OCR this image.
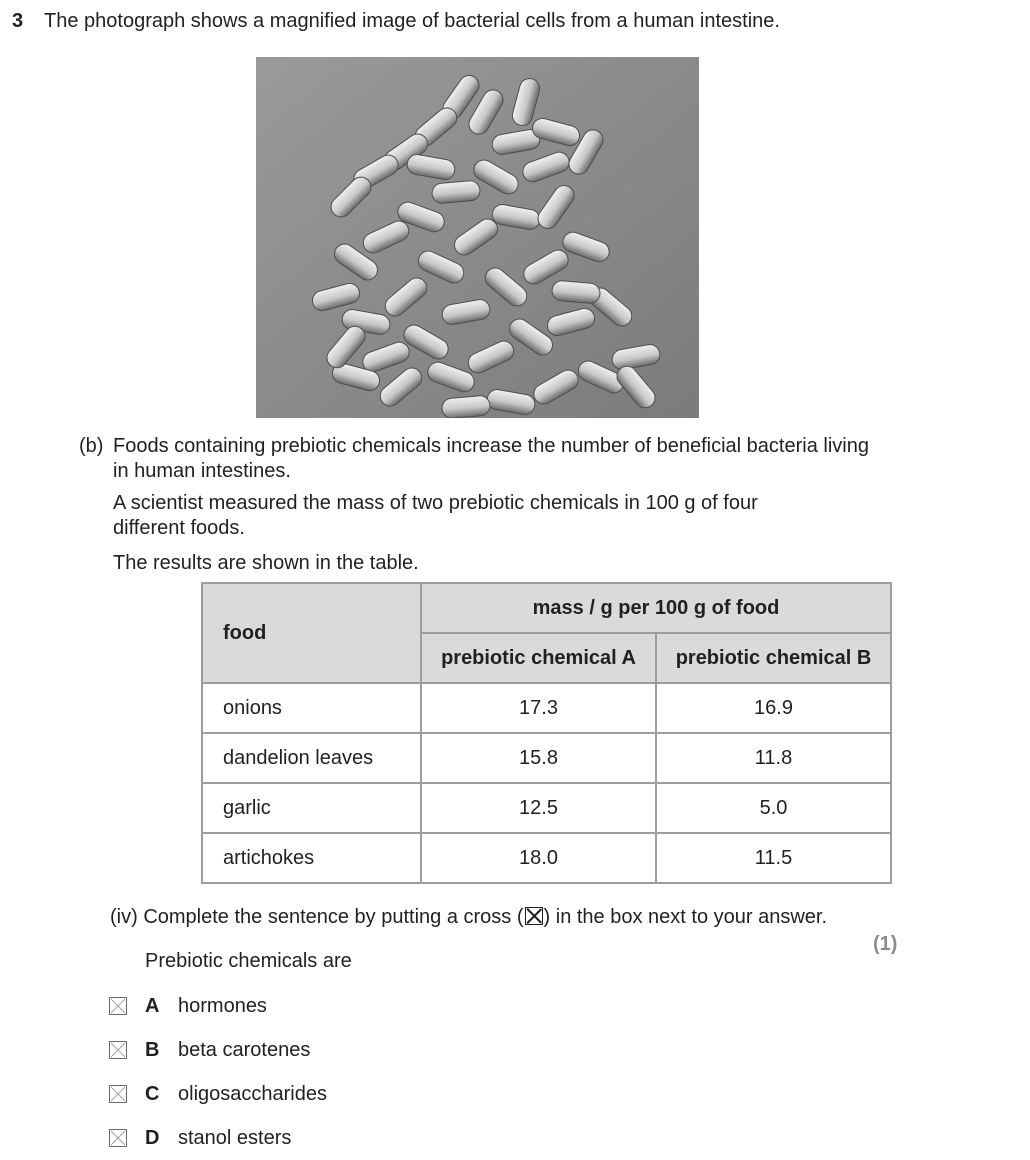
3 The photograph shows a magnified image of bacterial cells from a human intestine.
(b) Foods containing prebiotic chemicals increase the number of beneficial bacteria living in human intestines.
A scientist measured the mass of two prebiotic chemicals in 100 g of four different foods.
The results are shown in the table.
food	mass / g per 100 g of food	
	prebiotic chemical A	prebiotic chemical B
onions	17.3	16.9
dandelion leaves	15.8	11.8
garlic	12.5	5.0
artichokes	18.0	11.5
(iv) Complete the sentence by putting a cross (☒) in the box next to your answer.
(1)
Prebiotic chemicals are
A hormones
B beta carotenes
C oligosaccharides
D stanol esters
